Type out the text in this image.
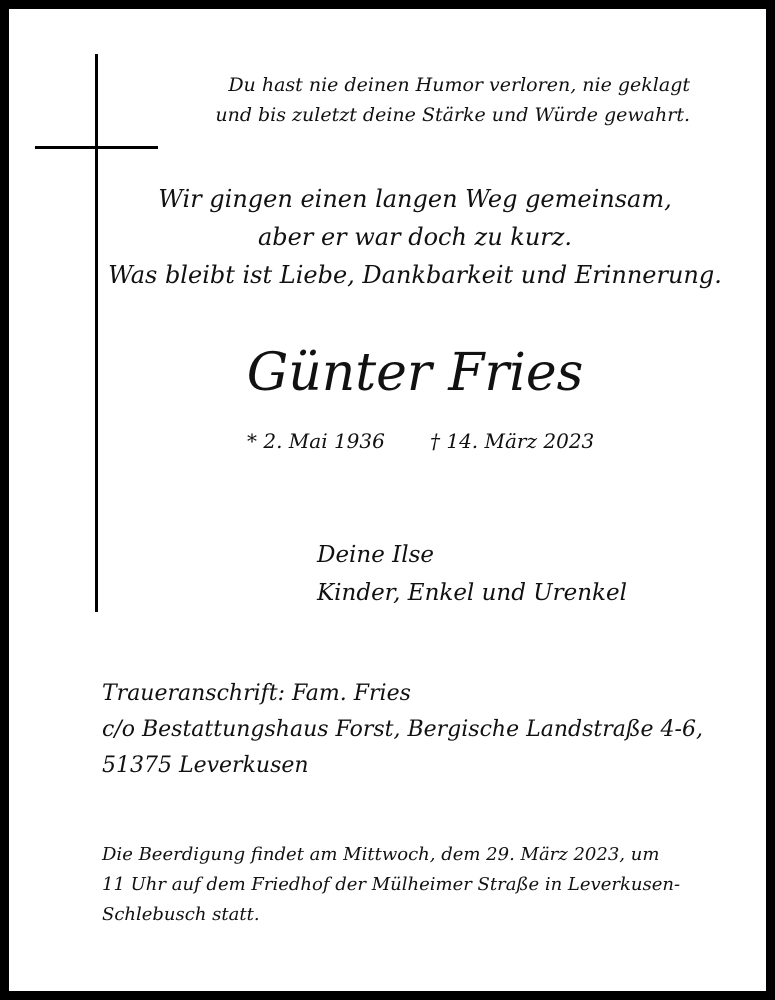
Du hast nie deinen Humor verloren, nie geklagt
und bis zuletzt deine Stärke und Würde gewahrt.
Wir gingen einen langen Weg gemeinsam,
aber er war doch zu kurz.
Was bleibt ist Liebe, Dankbarkeit und Erinnerung.
Günter Fries
* 2. Mai 1936 † 14. März 2023
Deine Ilse
Kinder, Enkel und Urenkel
Traueranschrift: Fam. Fries
c/o Bestattungshaus Forst, Bergische Landstraße 4-6,
51375 Leverkusen
Die Beerdigung findet am Mittwoch, dem 29. März 2023, um
11 Uhr auf dem Friedhof der Mülheimer Straße in Leverkusen-
Schlebusch statt.
